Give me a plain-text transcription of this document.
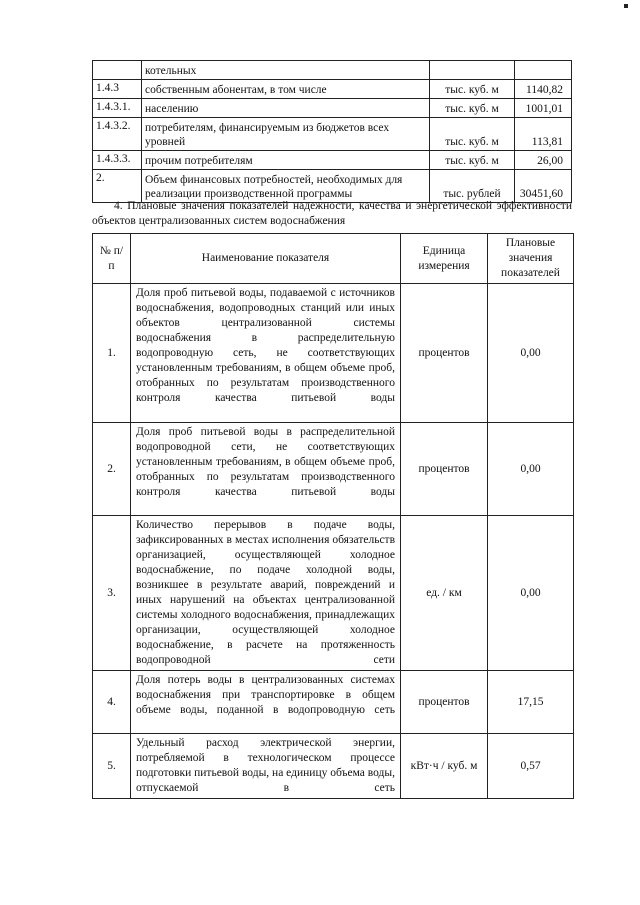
	котельных		
1.4.3	собственным абонентам, в том числе	тыс. куб. м	1140,82
1.4.3.1.	населению	тыс. куб. м	1001,01
1.4.3.2.	потребителям, финансируемым из бюджетов всех уровней	тыс. куб. м	113,81
1.4.3.3.	прочим потребителям	тыс. куб. м	26,00
2.	Объем финансовых потребностей, необходимых для реализации производственной программы	тыс. рублей	30451,60

4. Плановые значения показателей надежности, качества и энергетической эффективности объектов централизованных систем водоснабжения

№ п/п	Наименование показателя	Единица измерения	Плановые значения показателей
1.	Доля проб питьевой воды, подаваемой с источников водоснабжения, водопроводных станций или иных объектов централизованной системы водоснабжения в распределительную водопроводную сеть, не соответствующих установленным требованиям, в общем объеме проб, отобранных по результатам производственного контроля качества питьевой воды	процентов	0,00
2.	Доля проб питьевой воды в распределительной водопроводной сети, не соответствующих установленным требованиям, в общем объеме проб, отобранных по результатам производственного контроля качества питьевой воды	процентов	0,00
3.	Количество перерывов в подаче воды, зафиксированных в местах исполнения обязательств организацией, осуществляющей холодное водоснабжение, по подаче холодной воды, возникшее в результате аварий, повреждений и иных нарушений на объектах централизованной системы холодного водоснабжения, принадлежащих организации, осуществляющей холодное водоснабжение, в расчете на протяженность водопроводной сети	ед. / км	0,00
4.	Доля потерь воды в централизованных системах водоснабжения при транспортировке в общем объеме воды, поданной в водопроводную сеть	процентов	17,15
5.	Удельный расход электрической энергии, потребляемой в технологическом процессе подготовки питьевой воды, на единицу объема воды, отпускаемой в сеть	кВт·ч / куб. м	0,57
